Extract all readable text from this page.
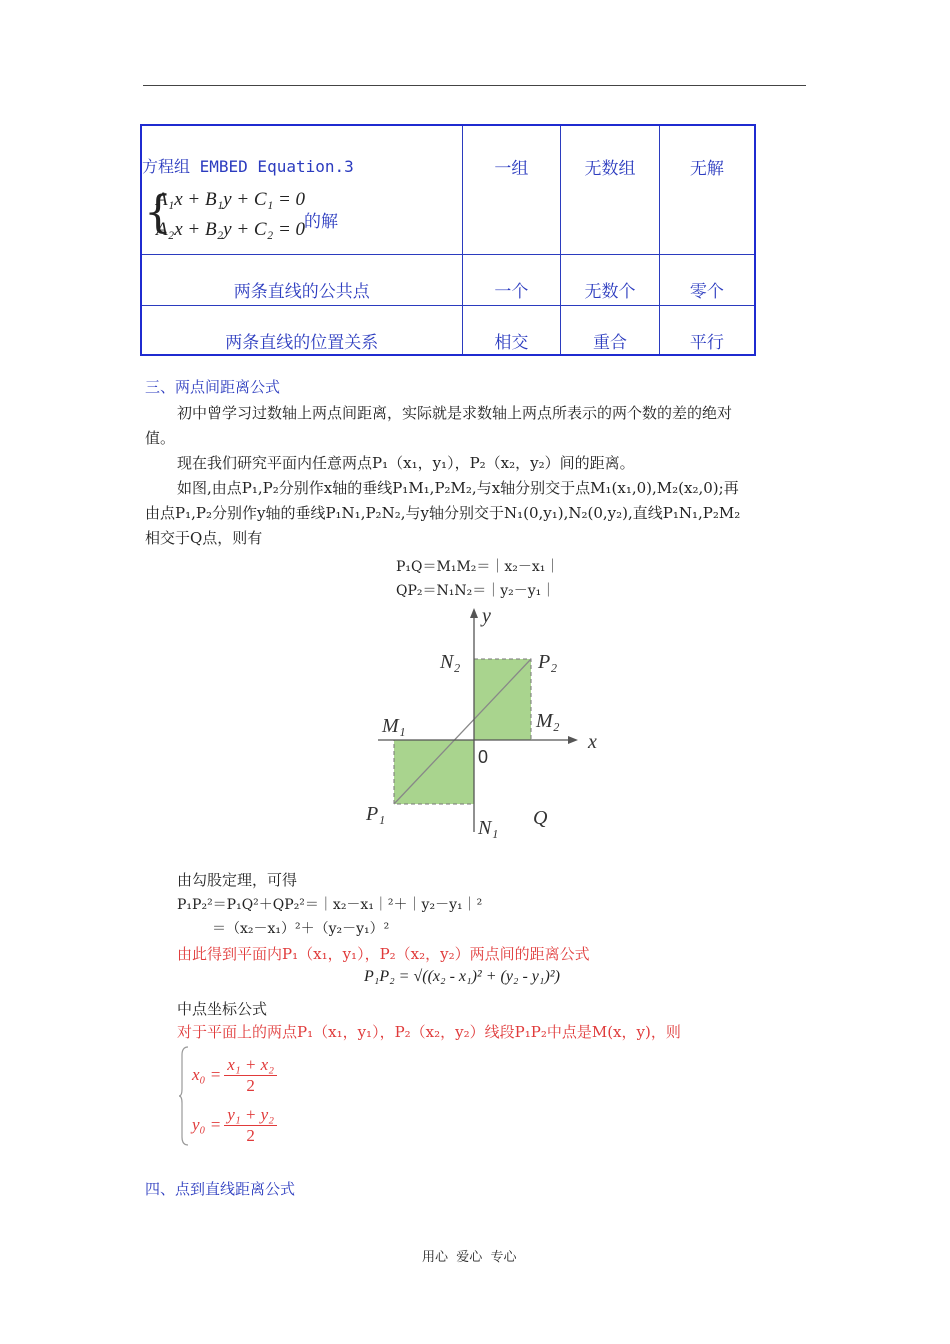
方程组 EMBED Equation.3
{
A₁x + B₁y + C₁ = 0
A₂x + B₂y + C₂ = 0
的解	一组	无数组	无解
两条直线的公共点	一个	无数个	零个
两条直线的位置关系	相交	重合	平行
三、两点间距离公式
初中曾学习过数轴上两点间距离，实际就是求数轴上两点所表示的两个数的差的绝对
值。
现在我们研究平面内任意两点P₁（x₁，y₁），P₂（x₂，y₂）间的距离。
如图,由点P₁,P₂分别作x轴的垂线P₁M₁,P₂M₂,与x轴分别交于点M₁(x₁,0),M₂(x₂,0);再
由点P₁,P₂分别作y轴的垂线P₁N₁,P₂N₂,与y轴分别交于N₁(0,y₁),N₂(0,y₂),直线P₁N₁,P₂M₂
相交于Q点，则有
P₁Q＝M₁M₂＝｜x₂－x₁｜
QP₂＝N₁N₂＝｜y₂－y₁｜
y
x
N₂	P₂
M₁	M₂
P₁
N₁ Q
0
由勾股定理，可得
P₁P₂²＝P₁Q²＋QP₂²＝｜x₂－x₁｜²＋｜y₂－y₁｜²
＝（x₂－x₁）²＋（y₂－y₁）²
由此得到平面内P₁（x₁，y₁），P₂（x₂，y₂）两点间的距离公式
P₁P₂ = √((x₂ - x₁)² + (y₂ - y₁)²)
中点坐标公式
对于平面上的两点P₁（x₁，y₁），P₂（x₂，y₂）线段P₁P₂中点是M(x，y)，则
$x_0 = \frac{\text{x₁ + x₂}}{2}$
$y_0 = \frac{\text{y₁ + y₂}}{2}$
四、点到直线距离公式
用心  爱心  专心
